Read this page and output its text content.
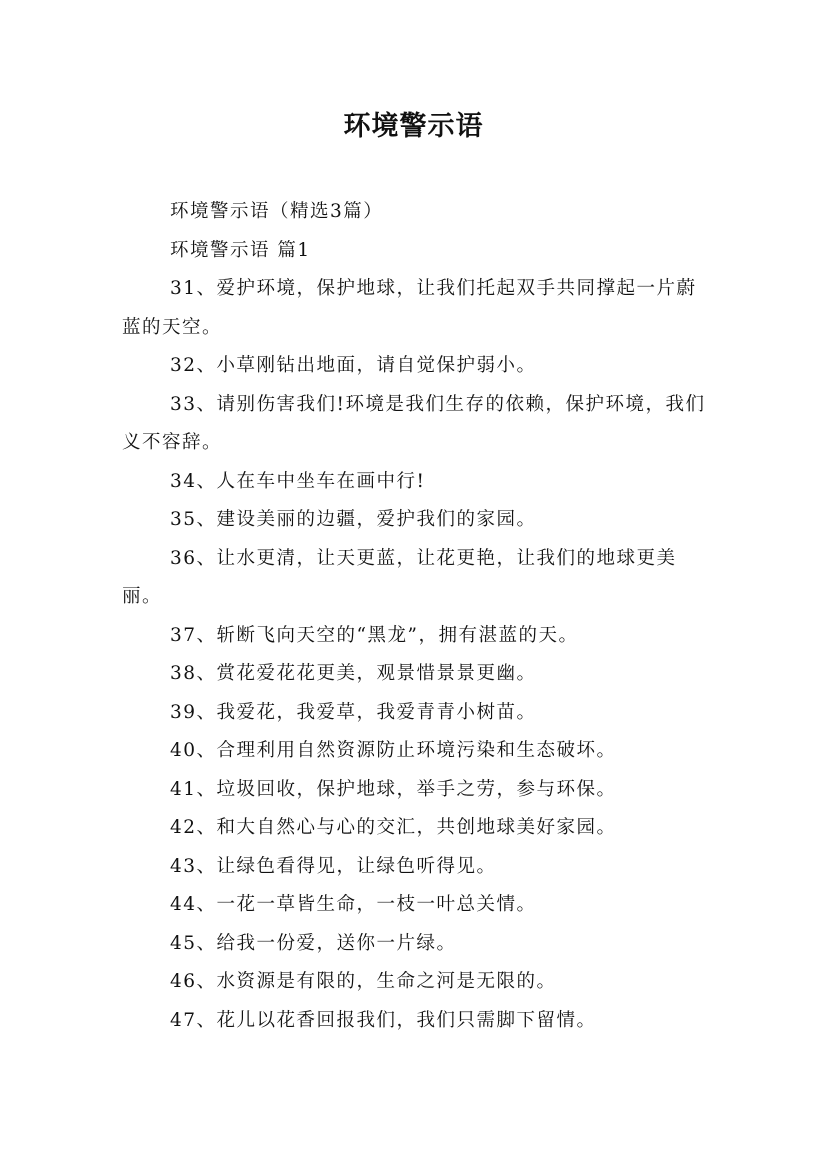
环境警示语

环境警示语（精选3篇）

环境警示语 篇1

31、爱护环境，保护地球，让我们托起双手共同撑起一片蔚蓝的天空。

32、小草刚钻出地面，请自觉保护弱小。

33、请别伤害我们!环境是我们生存的依赖，保护环境，我们义不容辞。

34、人在车中坐车在画中行!

35、建设美丽的边疆，爱护我们的家园。

36、让水更清，让天更蓝，让花更艳，让我们的地球更美丽。

37、斩断飞向天空的“黑龙”，拥有湛蓝的天。

38、赏花爱花花更美，观景惜景景更幽。

39、我爱花，我爱草，我爱青青小树苗。

40、合理利用自然资源防止环境污染和生态破坏。

41、垃圾回收，保护地球，举手之劳，参与环保。

42、和大自然心与心的交汇，共创地球美好家园。

43、让绿色看得见，让绿色听得见。

44、一花一草皆生命，一枝一叶总关情。

45、给我一份爱，送你一片绿。

46、水资源是有限的，生命之河是无限的。

47、花儿以花香回报我们，我们只需脚下留情。
